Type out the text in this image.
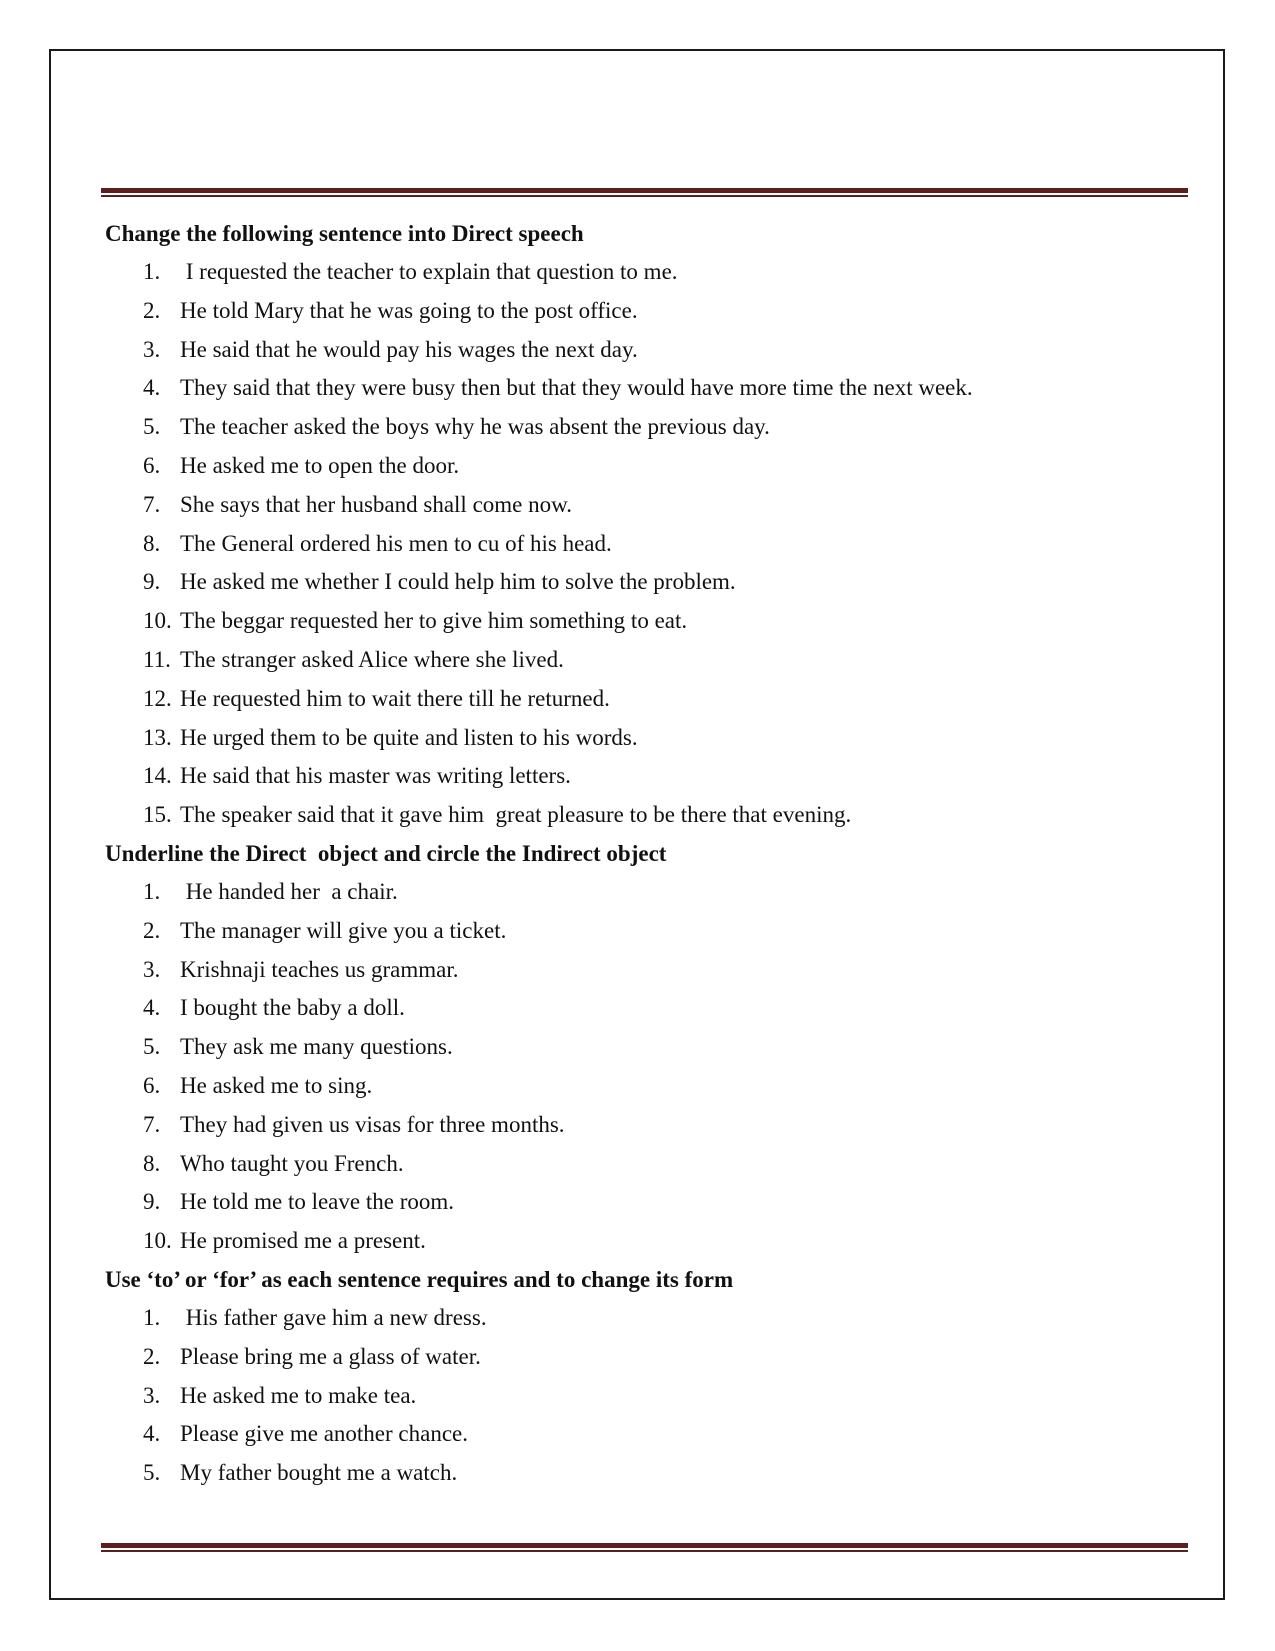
Change the following sentence into Direct speech
1. I requested the teacher to explain that question to me.
2. He told Mary that he was going to the post office.
3. He said that he would pay his wages the next day.
4. They said that they were busy then but that they would have more time the next week.
5. The teacher asked the boys why he was absent the previous day.
6. He asked me to open the door.
7. She says that her husband shall come now.
8. The General ordered his men to cu of his head.
9. He asked me whether I could help him to solve the problem.
10. The beggar requested her to give him something to eat.
11. The stranger asked Alice where she lived.
12. He requested him to wait there till he returned.
13. He urged them to be quite and listen to his words.
14. He said that his master was writing letters.
15. The speaker said that it gave him  great pleasure to be there that evening.
Underline the Direct  object and circle the Indirect object
1. He handed her  a chair.
2. The manager will give you a ticket.
3. Krishnaji teaches us grammar.
4. I bought the baby a doll.
5. They ask me many questions.
6. He asked me to sing.
7. They had given us visas for three months.
8. Who taught you French.
9. He told me to leave the room.
10. He promised me a present.
Use ‘to’ or ‘for’ as each sentence requires and to change its form
1. His father gave him a new dress.
2. Please bring me a glass of water.
3. He asked me to make tea.
4. Please give me another chance.
5. My father bought me a watch.
